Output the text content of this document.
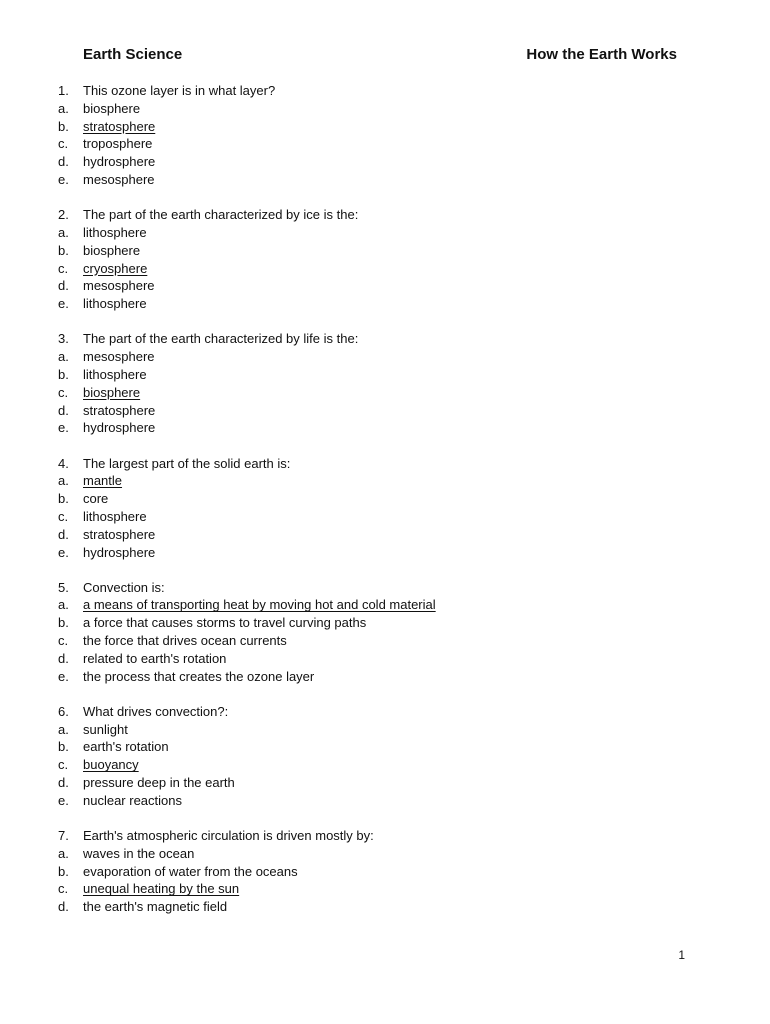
Earth Science	How the Earth Works
1.	This ozone layer is in what layer?
a.	biosphere
b.	stratosphere
c.	troposphere
d.	hydrosphere
e.	mesosphere
2.	The part of the earth characterized by ice is the:
a.	lithosphere
b.	biosphere
c.	cryosphere
d.	mesosphere
e.	lithosphere
3.	The part of the earth characterized by life is the:
a.	mesosphere
b.	lithosphere
c.	biosphere
d.	stratosphere
e.	hydrosphere
4.	The largest part of the solid earth is:
a.	mantle
b.	core
c.	lithosphere
d.	stratosphere
e.	hydrosphere
5.	Convection is:
a.	a means of transporting heat by moving hot and cold material
b.	a force that causes storms to travel curving paths
c.	the force that drives ocean currents
d.	related to earth's rotation
e.	the process that creates the ozone layer
6.	What drives convection?:
a.	sunlight
b.	earth's rotation
c.	buoyancy
d.	pressure deep in the earth
e.	nuclear reactions
7.	Earth's atmospheric circulation is driven mostly by:
a.	waves in the ocean
b.	evaporation of water from the oceans
c.	unequal heating by the sun
d.	the earth's magnetic field
1
